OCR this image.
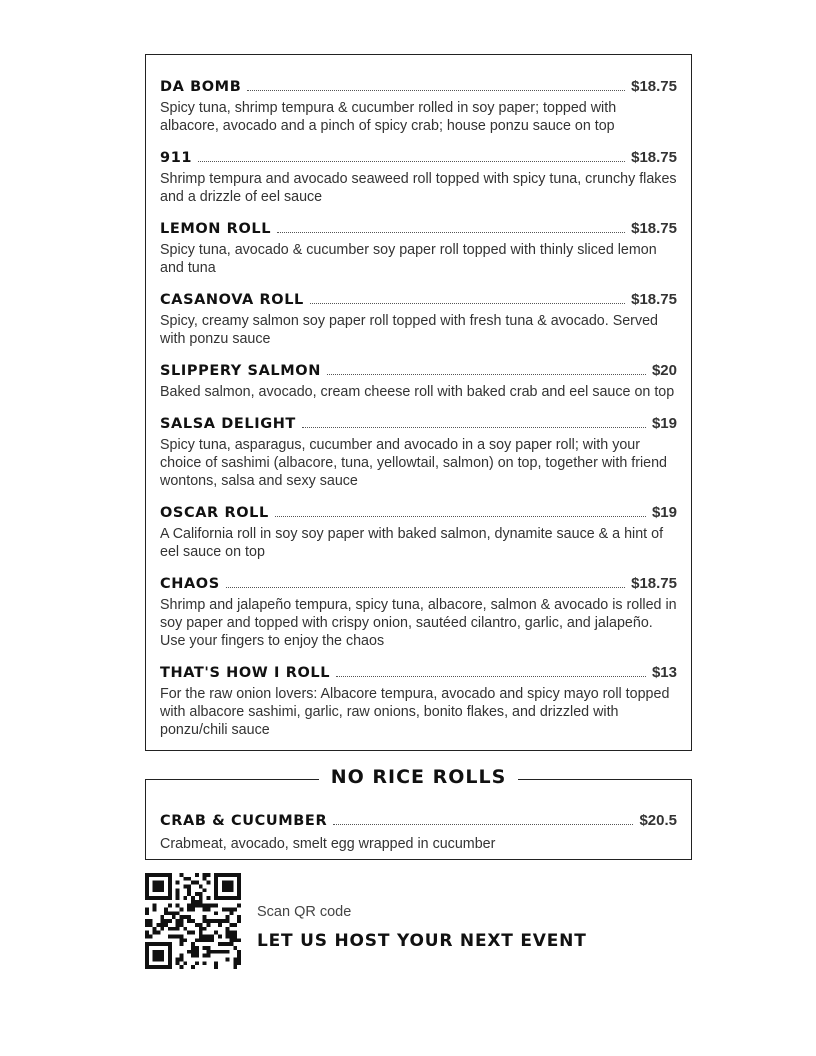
DA BOMB	$18.75
Spicy tuna, shrimp tempura & cucumber rolled in soy paper; topped with albacore, avocado and a pinch of spicy crab; house ponzu sauce on top
911	$18.75
Shrimp tempura and avocado seaweed roll topped with spicy tuna, crunchy flakes and a drizzle of eel sauce
LEMON ROLL	$18.75
Spicy tuna, avocado & cucumber soy paper roll topped with thinly sliced lemon and tuna
CASANOVA ROLL	$18.75
Spicy, creamy salmon soy paper roll topped with fresh tuna & avocado. Served with ponzu sauce
SLIPPERY SALMON	$20
Baked salmon, avocado, cream cheese roll with baked crab and eel sauce on top
SALSA DELIGHT	$19
Spicy tuna, asparagus, cucumber and avocado in a soy paper roll; with your choice of sashimi (albacore, tuna, yellowtail, salmon) on top, together with friend wontons, salsa and sexy sauce
OSCAR ROLL	$19
A California roll in soy soy paper with baked salmon, dynamite sauce & a hint of eel sauce on top
CHAOS	$18.75
Shrimp and jalapeño tempura, spicy tuna, albacore, salmon & avocado is rolled in soy paper and topped with crispy onion, sautéed cilantro, garlic, and jalapeño. Use your fingers to enjoy the chaos
THAT'S HOW I ROLL	$13
For the raw onion lovers: Albacore tempura, avocado and spicy mayo roll topped with albacore sashimi, garlic, raw onions, bonito flakes, and drizzled with ponzu/chili sauce
NO RICE ROLLS
CRAB & CUCUMBER	$20.5
Crabmeat, avocado, smelt egg wrapped in cucumber
Scan QR code
LET US HOST YOUR NEXT EVENT
